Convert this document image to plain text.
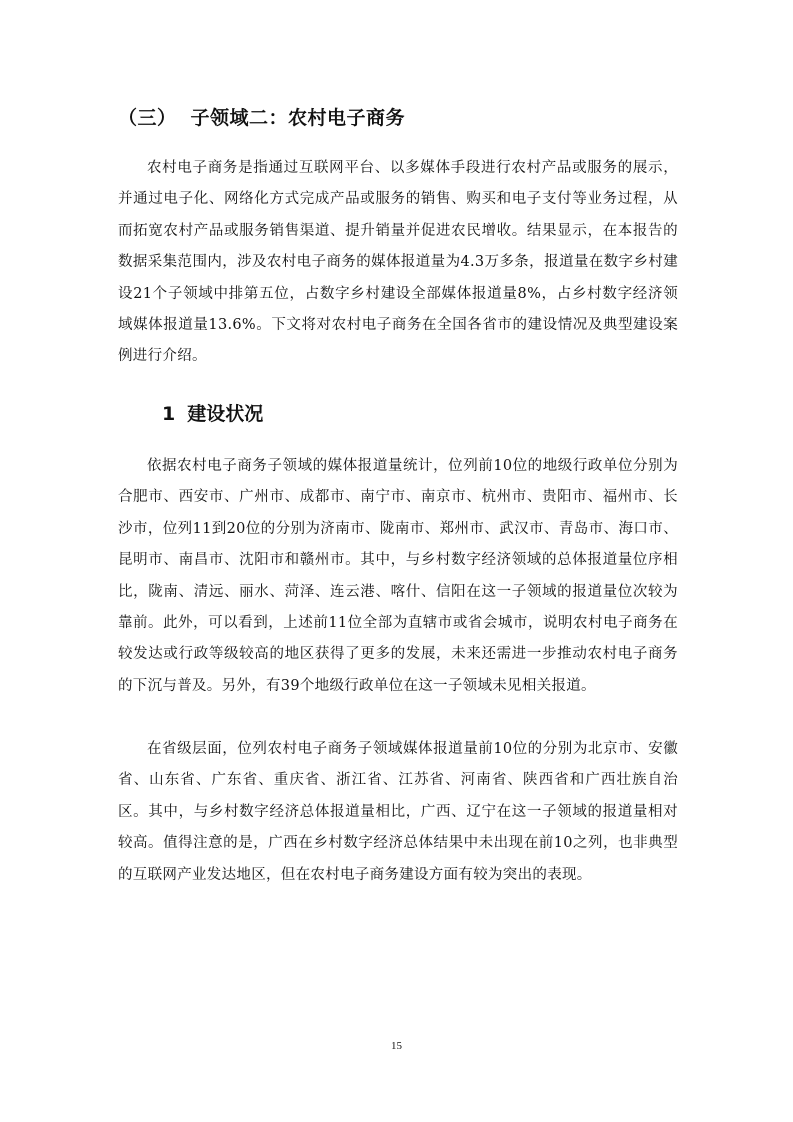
（三） 子领域二：农村电子商务

农村电子商务是指通过互联网平台、以多媒体手段进行农村产品或服务的展示，并通过电子化、网络化方式完成产品或服务的销售、购买和电子支付等业务过程，从而拓宽农村产品或服务销售渠道、提升销量并促进农民增收。结果显示，在本报告的数据采集范围内，涉及农村电子商务的媒体报道量为4.3万多条，报道量在数字乡村建设21个子领域中排第五位，占数字乡村建设全部媒体报道量8%，占乡村数字经济领域媒体报道量13.6%。下文将对农村电子商务在全国各省市的建设情况及典型建设案例进行介绍。

1 建设状况

依据农村电子商务子领域的媒体报道量统计，位列前10位的地级行政单位分别为合肥市、西安市、广州市、成都市、南宁市、南京市、杭州市、贵阳市、福州市、长沙市，位列11到20位的分别为济南市、陇南市、郑州市、武汉市、青岛市、海口市、昆明市、南昌市、沈阳市和赣州市。其中，与乡村数字经济领域的总体报道量位序相比，陇南、清远、丽水、菏泽、连云港、喀什、信阳在这一子领域的报道量位次较为靠前。此外，可以看到，上述前11位全部为直辖市或省会城市，说明农村电子商务在较发达或行政等级较高的地区获得了更多的发展，未来还需进一步推动农村电子商务的下沉与普及。另外，有39个地级行政单位在这一子领域未见相关报道。

在省级层面，位列农村电子商务子领域媒体报道量前10位的分别为北京市、安徽省、山东省、广东省、重庆省、浙江省、江苏省、河南省、陕西省和广西壮族自治区。其中，与乡村数字经济总体报道量相比，广西、辽宁在这一子领域的报道量相对较高。值得注意的是，广西在乡村数字经济总体结果中未出现在前10之列，也非典型的互联网产业发达地区，但在农村电子商务建设方面有较为突出的表现。

15
